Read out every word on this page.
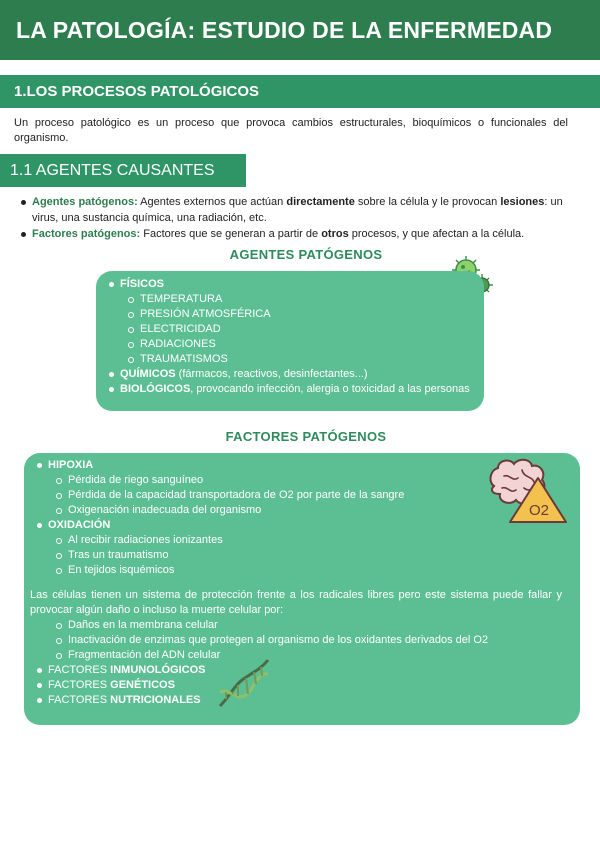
LA PATOLOGÍA: ESTUDIO DE LA ENFERMEDAD
1.LOS PROCESOS PATOLÓGICOS
Un proceso patológico es un proceso que provoca cambios estructurales, bioquímicos o funcionales del organismo.
1.1 AGENTES CAUSANTES
Agentes patógenos: Agentes externos que actúan directamente sobre la célula y le provocan lesiones: un virus, una sustancia química, una radiación, etc.
Factores patógenos: Factores que se generan a partir de otros procesos, y que afectan a la célula.
AGENTES PATÓGENOS
FÍSICOS
TEMPERATURA
PRESIÓN ATMOSFÉRICA
ELECTRICIDAD
RADIACIONES
TRAUMATISMOS
QUÍMICOS (fármacos, reactivos, desinfectantes...)
BIOLÓGICOS, provocando infección, alergia o toxicidad a las personas
FACTORES PATÓGENOS
HIPOXIA
Pérdida de riego sanguíneo
Pérdida de la capacidad transportadora de O2 por parte de la sangre
Oxigenación inadecuada del organismo
OXIDACIÓN
Al recibir radiaciones ionizantes
Tras un traumatismo
En tejidos isquémicos
Las células tienen un sistema de protección frente a los radicales libres pero este sistema puede fallar y provocar algún daño o incluso la muerte celular por:
Daños en la membrana celular
Inactivación de enzimas que protegen al organismo de los oxidantes derivados del O2
Fragmentación del ADN celular
FACTORES INMUNOLÓGICOS
FACTORES GENÉTICOS
FACTORES NUTRICIONALES
O2
